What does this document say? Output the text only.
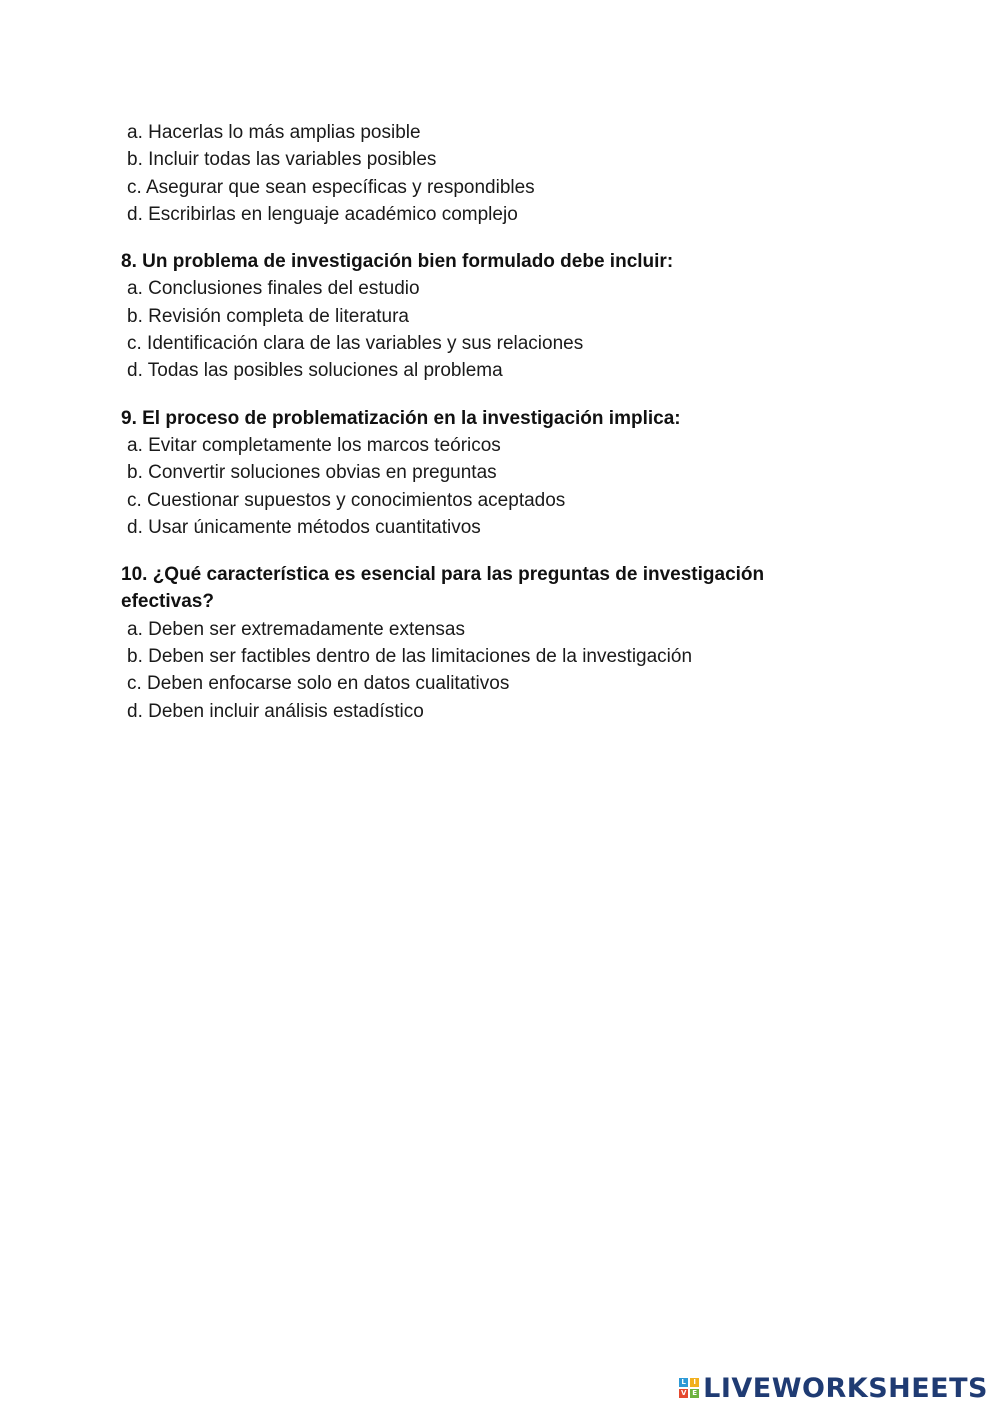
a. Hacerlas lo más amplias posible
b. Incluir todas las variables posibles
c. Asegurar que sean específicas y respondibles
d. Escribirlas en lenguaje académico complejo

8. Un problema de investigación bien formulado debe incluir:

a. Conclusiones finales del estudio
b. Revisión completa de literatura
c. Identificación clara de las variables y sus relaciones
d. Todas las posibles soluciones al problema

9. El proceso de problematización en la investigación implica:

a. Evitar completamente los marcos teóricos
b. Convertir soluciones obvias en preguntas
c. Cuestionar supuestos y conocimientos aceptados
d. Usar únicamente métodos cuantitativos

10. ¿Qué característica es esencial para las preguntas de investigación efectivas?

a. Deben ser extremadamente extensas
b. Deben ser factibles dentro de las limitaciones de la investigación
c. Deben enfocarse solo en datos cualitativos
d. Deben incluir análisis estadístico
L	I
V E LIVEWORKSHEETS
